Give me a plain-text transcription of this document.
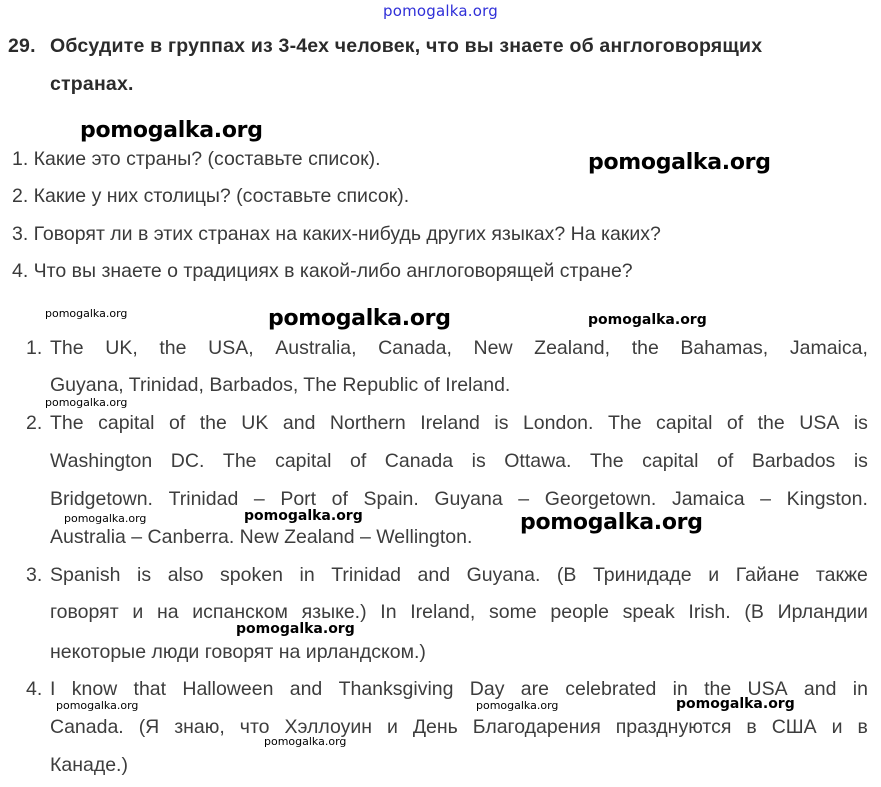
pomogalka.org
29. Обсудите в группах из 3-4ех человек, что вы знаете об англоговорящих
странах.
1. Какие это страны? (составьте список).
2. Какие у них столицы? (составьте список).
3. Говорят ли в этих странах на каких-нибудь других языках? На каких?
4. Что вы знаете о традициях в какой-либо англоговорящей стране?
1. The UK, the USA, Australia, Canada, New Zealand, the Bahamas, Jamaica,
Guyana, Trinidad, Barbados, The Republic of Ireland.
2. The capital of the UK and Northern Ireland is London. The capital of the USA is
Washington DC. The capital of Canada is Ottawa. The capital of Barbados is
Bridgetown. Trinidad – Port of Spain. Guyana – Georgetown. Jamaica – Kingston.
Australia – Canberra. New Zealand – Wellington.
3. Spanish is also spoken in Trinidad and Guyana. (В Тринидаде и Гайане также
говорят и на испанском языке.) In Ireland, some people speak Irish. (В Ирландии
некоторые люди говорят на ирландском.)
4. I know that Halloween and Thanksgiving Day are celebrated in the USA and in
Canada. (Я знаю, что Хэллоуин и День Благодарения празднуются в США и в
Канаде.)
pomogalka.org
pomogalka.org
pomogalka.org	pomogalka.org	pomogalka.org
pomogalka.org
pomogalka.org	pomogalka.org	pomogalka.org
pomogalka.org
pomogalka.org	pomogalka.org	pomogalka.org
pomogalka.org
